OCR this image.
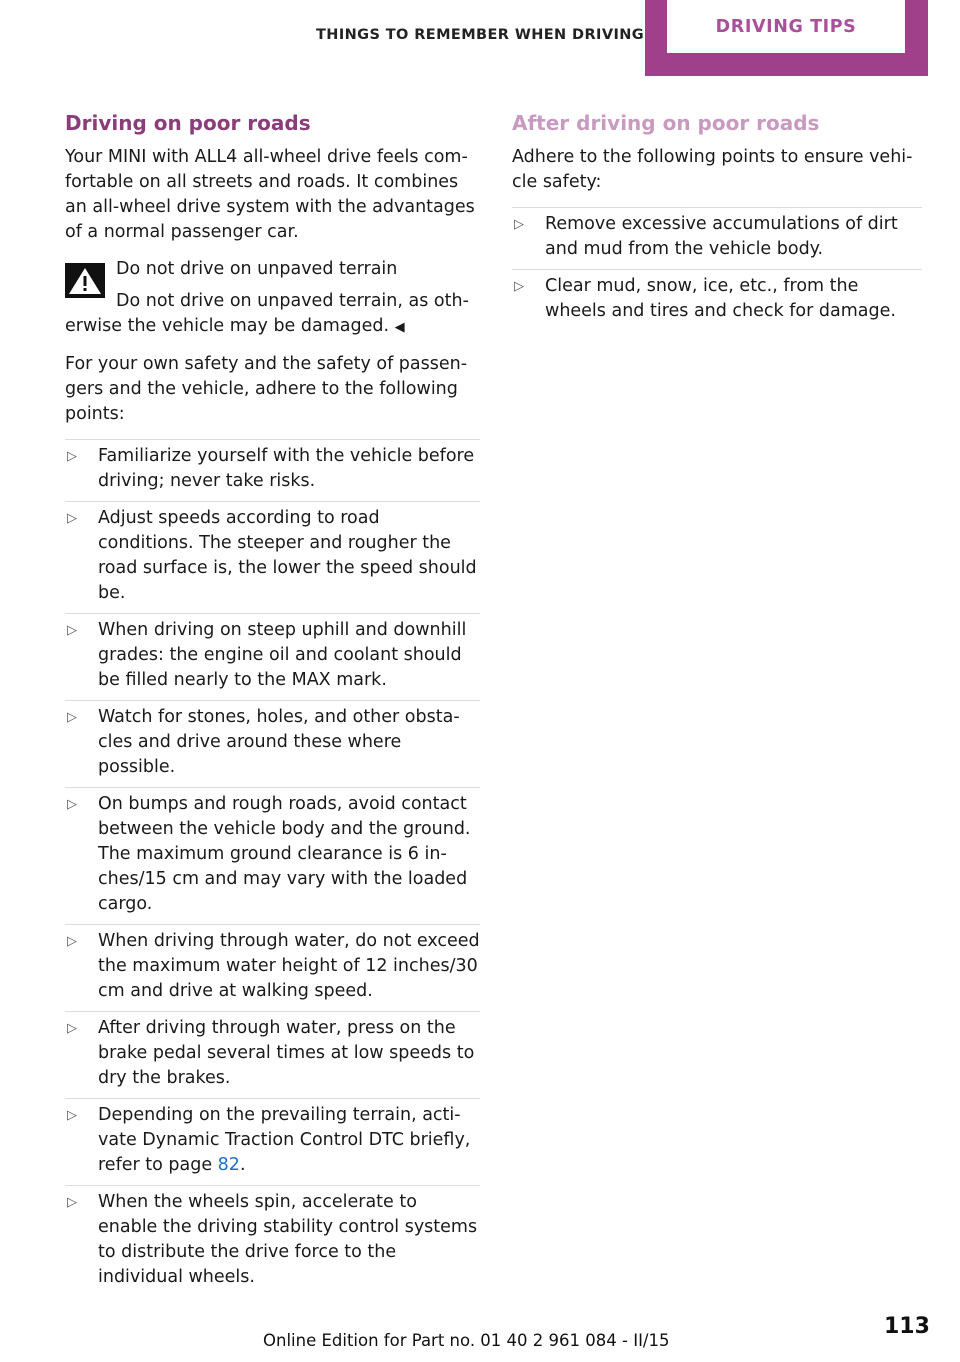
THINGS TO REMEMBER WHEN DRIVING	DRIVING TIPS
Driving on poor roads

Your MINI with ALL4 all-wheel drive feels comfortable on all streets and roads. It combines an all-wheel drive system with the advantages of a normal passenger car.

Do not drive on unpaved terrain

Do not drive on unpaved terrain, as otherwise the vehicle may be damaged. ◀

For your own safety and the safety of passengers and the vehicle, adhere to the following points:

▷ Familiarize yourself with the vehicle before driving; never take risks.
▷ Adjust speeds according to road conditions. The steeper and rougher the road surface is, the lower the speed should be.
▷ When driving on steep uphill and downhill grades: the engine oil and coolant should be filled nearly to the MAX mark.
▷ Watch for stones, holes, and other obstacles and drive around these where possible.
▷ On bumps and rough roads, avoid contact between the vehicle body and the ground. The maximum ground clearance is 6 inches/15 cm and may vary with the loaded cargo.
▷ When driving through water, do not exceed the maximum water height of 12 inches/30 cm and drive at walking speed.
▷ After driving through water, press on the brake pedal several times at low speeds to dry the brakes.
▷ Depending on the prevailing terrain, activate Dynamic Traction Control DTC briefly, refer to page 82.
▷ When the wheels spin, accelerate to enable the driving stability control systems to distribute the drive force to the individual wheels.
After driving on poor roads

Adhere to the following points to ensure vehicle safety:

▷ Remove excessive accumulations of dirt and mud from the vehicle body.
▷ Clear mud, snow, ice, etc., from the wheels and tires and check for damage.
113
Online Edition for Part no. 01 40 2 961 084 - II/15
